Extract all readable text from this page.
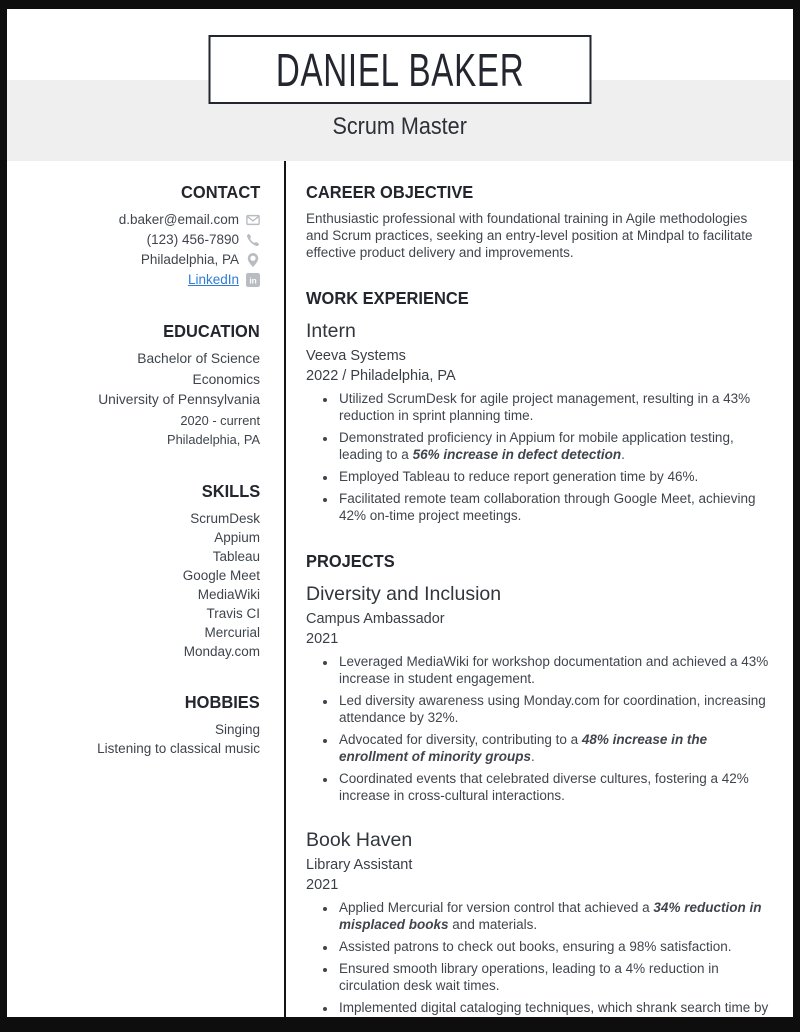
DANIEL BAKER
Scrum Master
CONTACT
d.baker@email.com
(123) 456-7890
Philadelphia, PA
LinkedIn in
EDUCATION
Bachelor of Science
Economics
University of Pennsylvania
2020 - current
Philadelphia, PA
SKILLS
ScrumDesk
Appium
Tableau
Google Meet
MediaWiki
Travis CI
Mercurial
Monday.com
HOBBIES
Singing
Listening to classical music
CAREER OBJECTIVE

Enthusiastic professional with foundational training in Agile methodologies and Scrum practices, seeking an entry-level position at Mindpal to facilitate effective product delivery and improvements.

WORK EXPERIENCE
Intern
Veeva Systems
2022 / Philadelphia, PA
• Utilized ScrumDesk for agile project management, resulting in a 43% reduction in sprint planning time.
• Demonstrated proficiency in Appium for mobile application testing, leading to a 56% increase in defect detection.
• Employed Tableau to reduce report generation time by 46%.
• Facilitated remote team collaboration through Google Meet, achieving 42% on-time project meetings.
PROJECTS
Diversity and Inclusion
Campus Ambassador
2021
• Leveraged MediaWiki for workshop documentation and achieved a 43% increase in student engagement.
• Led diversity awareness using Monday.com for coordination, increasing attendance by 32%.
• Advocated for diversity, contributing to a 48% increase in the enrollment of minority groups.
• Coordinated events that celebrated diverse cultures, fostering a 42% increase in cross-cultural interactions.
Book Haven
Library Assistant
2021
• Applied Mercurial for version control that achieved a 34% reduction in misplaced books and materials.
• Assisted patrons to check out books, ensuring a 98% satisfaction.
• Ensured smooth library operations, leading to a 4% reduction in circulation desk wait times.
• Implemented digital cataloging techniques, which shrank search time by 43%.
